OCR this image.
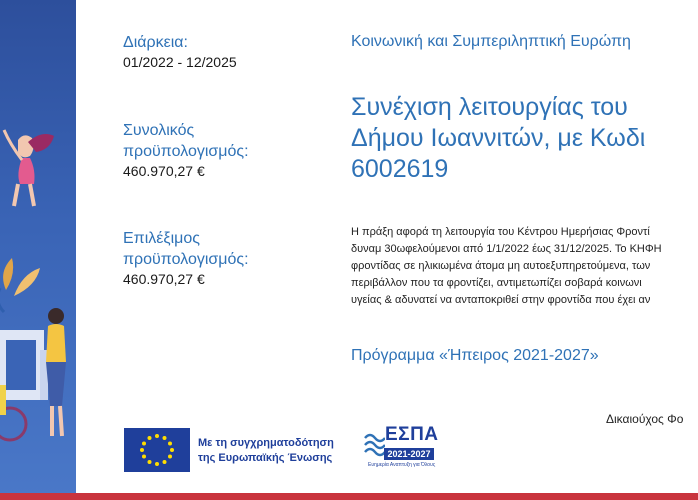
Διάρκεια:
01/2022 - 12/2025
Συνολικός
προϋπολογισμός:
460.970,27 €
Επιλέξιμος
προϋπολογισμός:
460.970,27 €
Κοινωνική και Συμπεριληπτική Ευρώπη
Συνέχιση λειτουργίας του
Δήμου Ιωαννιτών, με Κωδι
6002619
Η πράξη αφορά τη λειτουργία του Κέντρου Ημερήσιας Φροντί
δυναμ 30ωφελούμενοι από 1/1/2022 έως 31/12/2025. Το ΚΗΦΗ
φροντίδας σε ηλικιωμένα άτομα μη αυτοεξυπηρετούμενα, των
περιβάλλον που τα φροντίζει, αντιμετωπίζει σοβαρά κοινωνι
υγείας & αδυνατεί να ανταποκριθεί στην φροντίδα που έχει αν
Πρόγραμμα «Ήπειρος 2021-2027»
Δικαιούχος Φο
Με τη συγχρηματοδότηση
της Ευρωπαϊκής Ένωσης
ΕΣΠΑ
2021-2027
Ευημερία Αναπτυξη για Όλους
